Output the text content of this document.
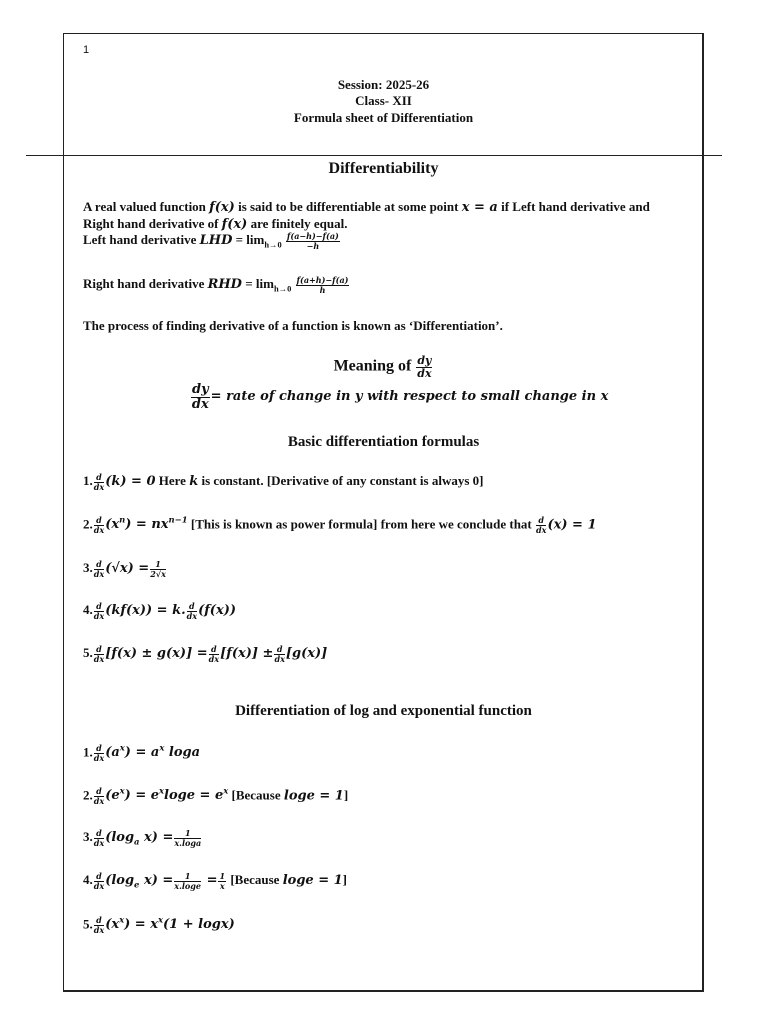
1
Session: 2025-26
Class- XII
Formula sheet of Differentiation
Differentiability
A real valued function f(x) is said to be differentiable at some point x = a if Left hand derivative and
Right hand derivative of f(x) are finitely equal.
Left hand derivative LHD = $\lim_{h\to 0} \frac{f(a-h)-f(a)}{-h}$
Right hand derivative RHD = $\lim_{h\to 0} \frac{f(a+h)-f(a)}{h}$
The process of finding derivative of a function is known as ‘Differentiation’.
Meaning of $\frac{dy}{dx}$
$\frac{dy}{dx}$ = rate of change in y with respect to small change in x
Basic differentiation formulas
1. $\frac{d}{dx} (k) = 0$ Here k is constant. [Derivative of any constant is always 0]
2. $\frac{d}{dx} (x^n) = nx^{n-1}$ [This is known as power formula] from here we conclude that $\frac{d}{dx} (x) = 1$
3. $\frac{d}{dx} (√x) = \frac{1}{2√x}$
4. $\frac{d}{dx} (kf(x)) = k$. $\frac{d}{dx} (f(x))$
5. $\frac{d}{dx} [f(x) \pm g(x)] = \frac{d}{dx} [f(x)] \pm \frac{d}{dx} [g(x)]$
Differentiation of log and exponential function
1. $\frac{d}{dx} (a^x) = a^x$ loga
2. $\frac{d}{dx} (e^x) = e^x\log e = e^x$ [Because loge = 1]
3. $\frac{d}{dx} (\log_a$ $x) = \frac{1}{x.\log a}$
4. $\frac{d}{dx} (\log_e$ $x) = \frac{1}{x.\log e} = \frac{1}{x}$ [Because loge = 1]
5. $\frac{d}{dx} (x^x) = x^x(1 + \log x)$
